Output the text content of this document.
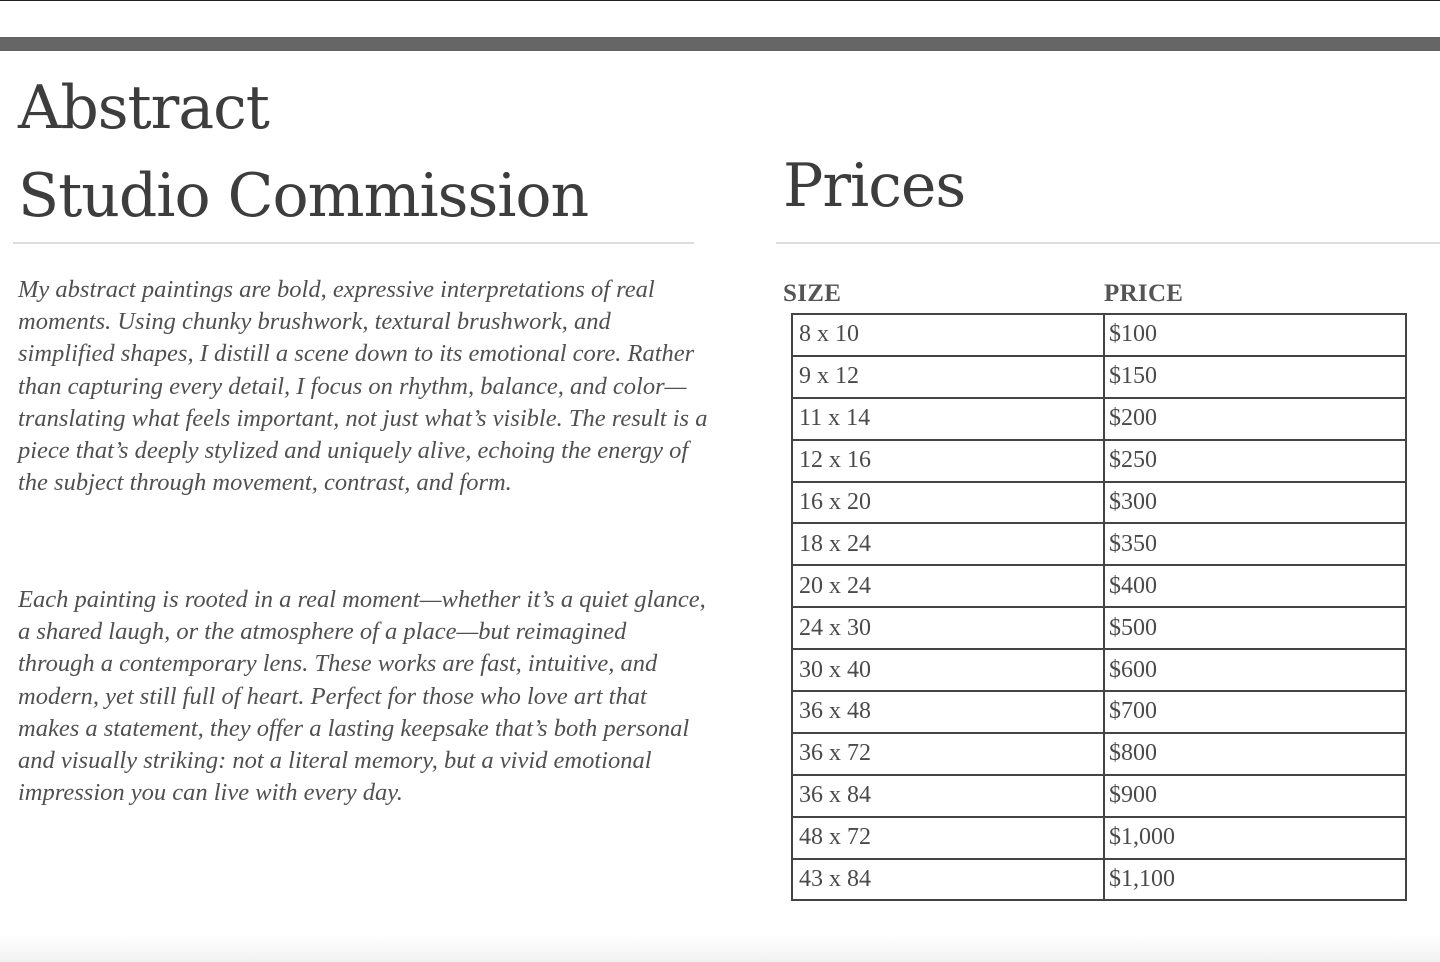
Abstract
Studio Commission

My abstract paintings are bold, expressive interpretations of real moments. Using chunky brushwork, textural brushwork, and simplified shapes, I distill a scene down to its emotional core. Rather than capturing every detail, I focus on rhythm, balance, and color—translating what feels important, not just what’s visible. The result is a piece that’s deeply stylized and uniquely alive, echoing the energy of the subject through movement, contrast, and form.

Each painting is rooted in a real moment—whether it’s a quiet glance, a shared laugh, or the atmosphere of a place—but reimagined through a contemporary lens. These works are fast, intuitive, and modern, yet still full of heart. Perfect for those who love art that makes a statement, they offer a lasting keepsake that’s both personal and visually striking: not a literal memory, but a vivid emotional impression you can live with every day.

Prices
SIZE	PRICE
8 x 10	$100
9 x 12	$150
11 x 14	$200
12 x 16	$250
16 x 20	$300
18 x 24	$350
20 x 24	$400
24 x 30	$500
30 x 40	$600
36 x 48	$700
36 x 72	$800
36 x 84	$900
48 x 72	$1,000
43 x 84	$1,100
